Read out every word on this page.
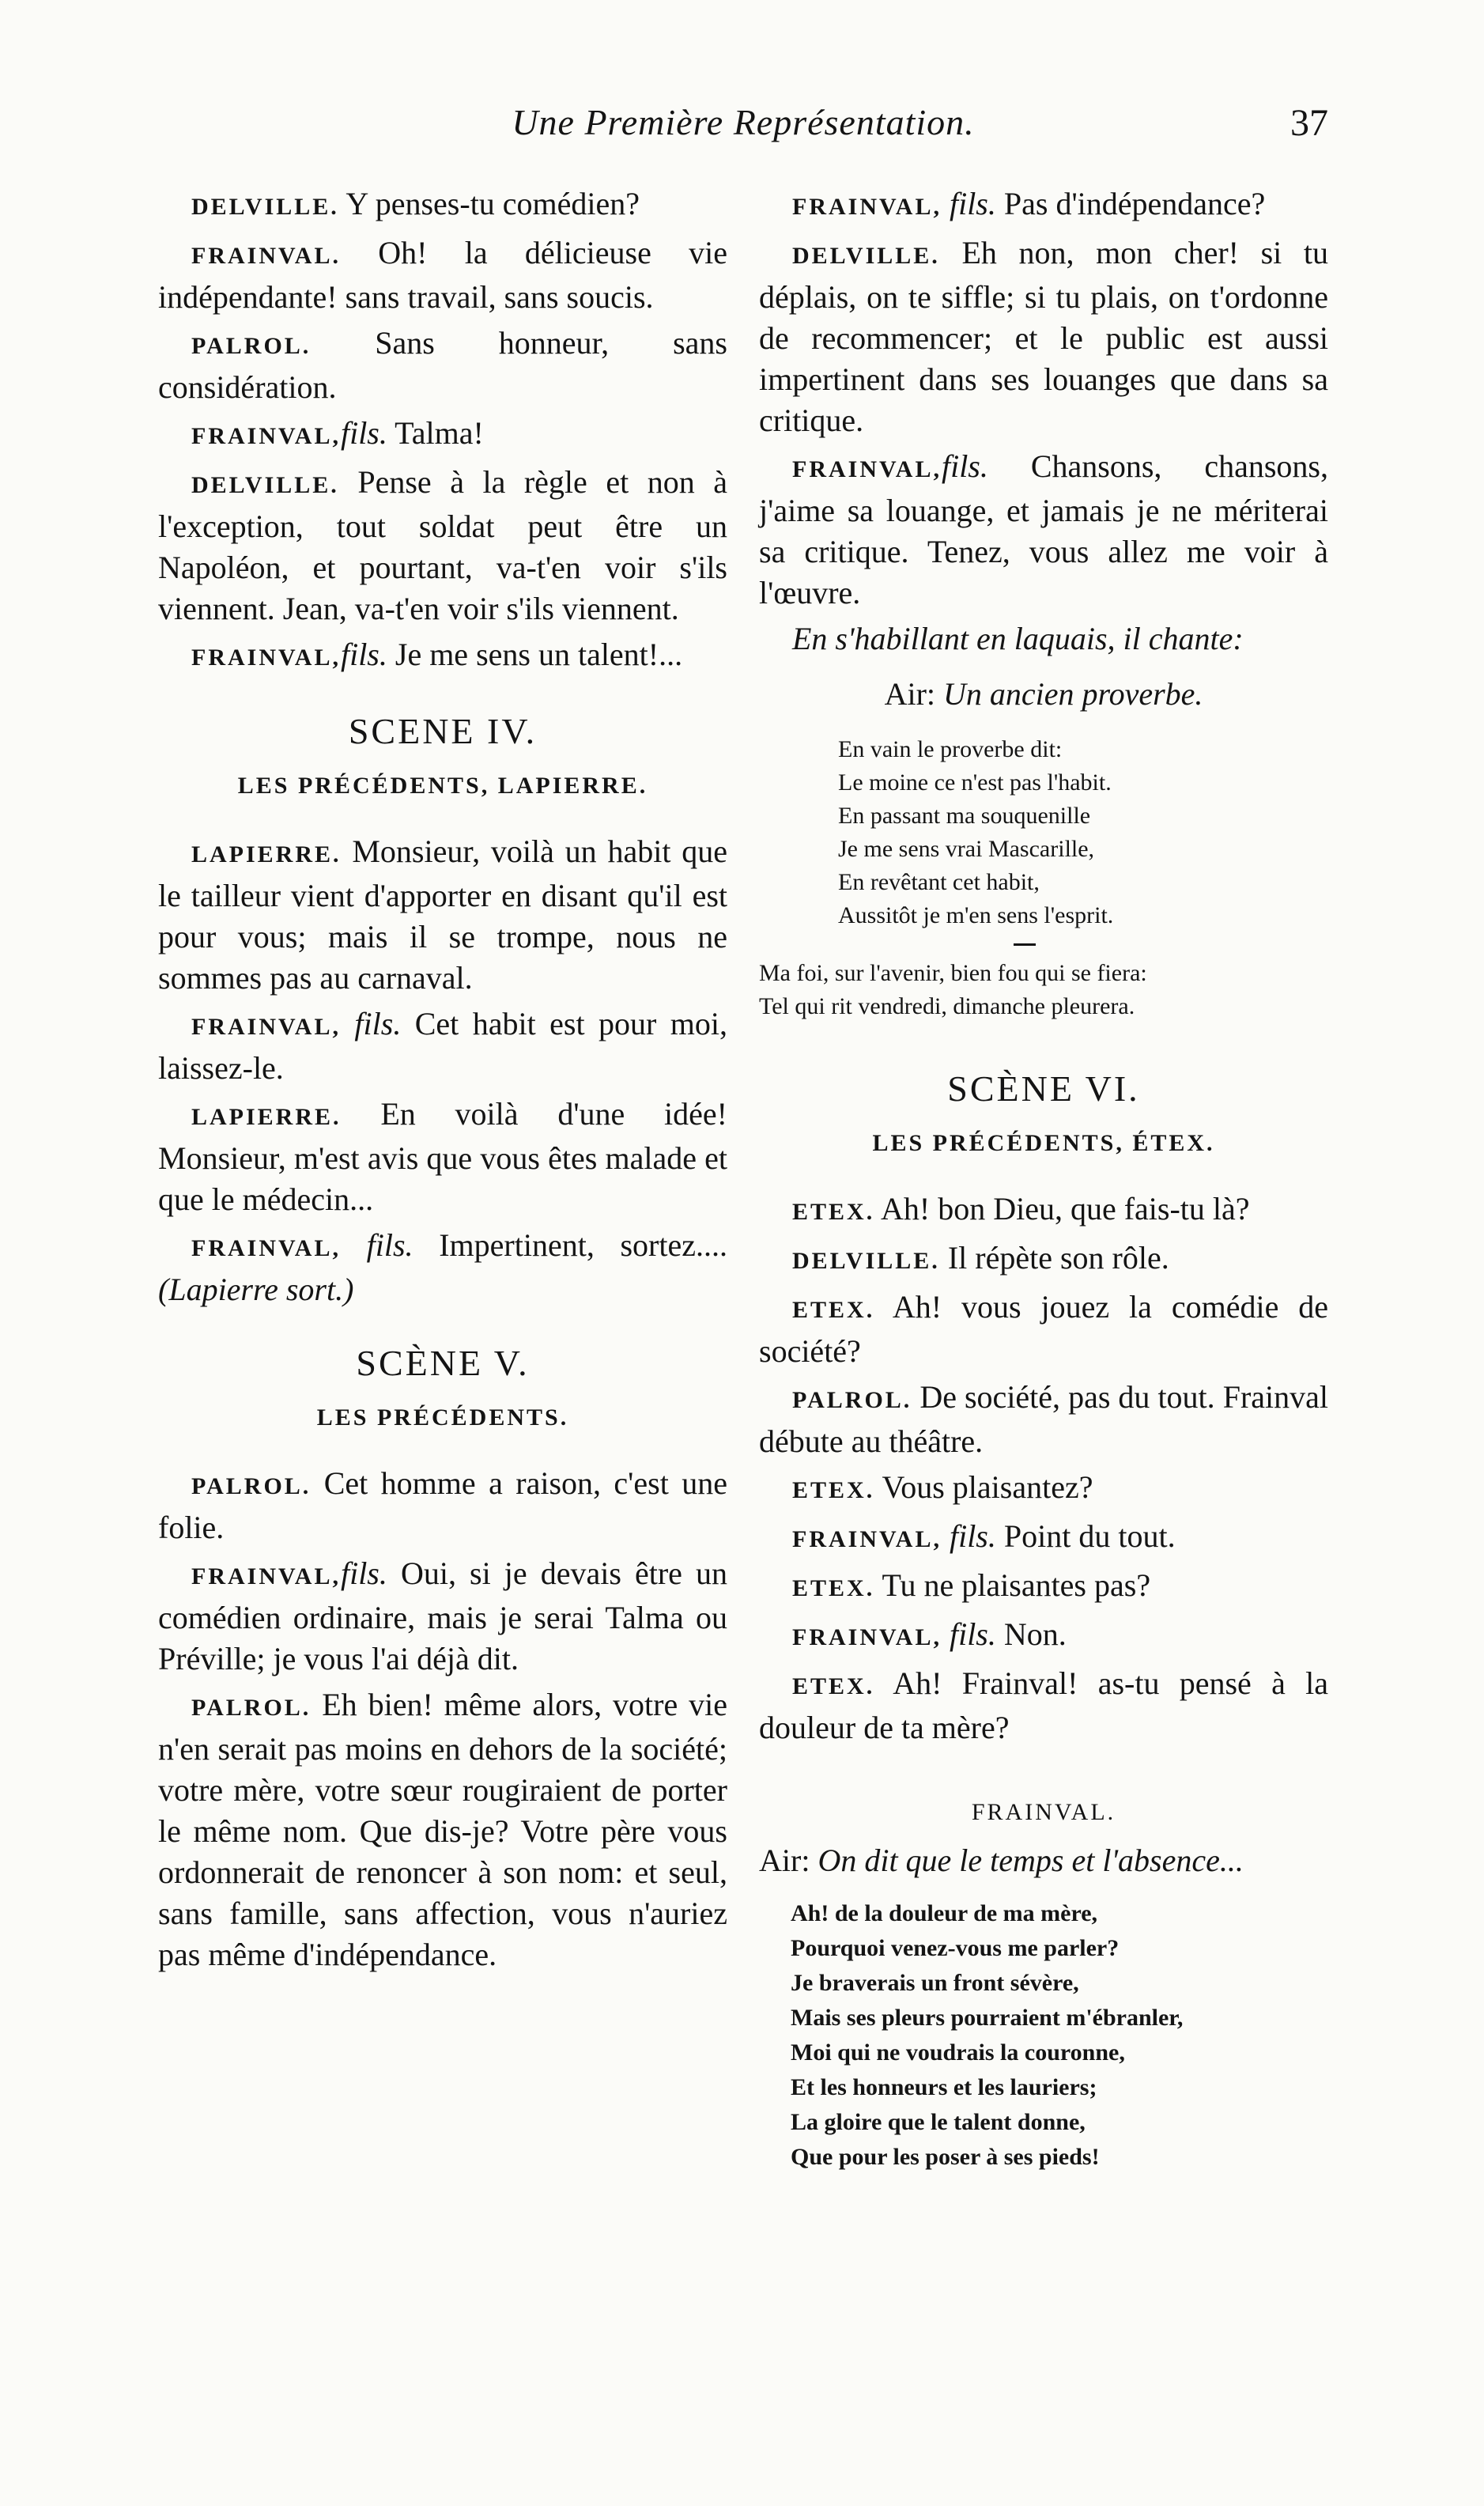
Une Première Représentation.	37

DELVILLE. Y penses-tu comédien?

FRAINVAL. Oh! la délicieuse vie indépendante! sans travail, sans soucis.

PALROL. Sans honneur, sans considération.

FRAINVAL,fils. Talma!

DELVILLE. Pense à la règle et non à l'exception, tout soldat peut être un Napoléon, et pourtant, va-t'en voir s'ils viennent. Jean, va-t'en voir s'ils viennent.

FRAINVAL,fils. Je me sens un talent!...

SCENE IV.
LES PRÉCÉDENTS, LAPIERRE.

LAPIERRE. Monsieur, voilà un habit que le tailleur vient d'apporter en disant qu'il est pour vous; mais il se trompe, nous ne sommes pas au carnaval.

FRAINVAL, fils. Cet habit est pour moi, laissez-le.

LAPIERRE. En voilà d'une idée! Monsieur, m'est avis que vous êtes malade et que le médecin...

FRAINVAL, fils. Impertinent, sortez.... (Lapierre sort.)

SCÈNE V.
LES PRÉCÉDENTS.

PALROL. Cet homme a raison, c'est une folie.

FRAINVAL,fils. Oui, si je devais être un comédien ordinaire, mais je serai Talma ou Préville; je vous l'ai déjà dit.

PALROL. Eh bien! même alors, votre vie n'en serait pas moins en dehors de la société; votre mère, votre sœur rougiraient de porter le même nom. Que dis-je? Votre père vous ordonnerait de renoncer à son nom: et seul, sans famille, sans affection, vous n'auriez pas même d'indépendance.

FRAINVAL, fils. Pas d'indépendance?

DELVILLE. Eh non, mon cher! si tu déplais, on te siffle; si tu plais, on t'ordonne de recommencer; et le public est aussi impertinent dans ses louanges que dans sa critique.

FRAINVAL,fils. Chansons, chansons, j'aime sa louange, et jamais je ne mériterai sa critique. Tenez, vous allez me voir à l'œuvre.

En s'habillant en laquais, il chante:

Air: Un ancien proverbe.
En vain le proverbe dit:
Le moine ce n'est pas l'habit.
En passant ma souquenille
Je me sens vrai Mascarille,
En revêtant cet habit,
Aussitôt je m'en sens l'esprit.
Ma foi, sur l'avenir, bien fou qui se fiera:
Tel qui rit vendredi, dimanche pleurera.
SCÈNE VI.
LES PRÉCÉDENTS, ÉTEX.

ETEX. Ah! bon Dieu, que fais-tu là?

DELVILLE. Il répète son rôle.

ETEX. Ah! vous jouez la comédie de société?

PALROL. De société, pas du tout. Frainval débute au théâtre.

ETEX. Vous plaisantez?

FRAINVAL, fils. Point du tout.

ETEX. Tu ne plaisantes pas?

FRAINVAL, fils. Non.

ETEX. Ah! Frainval! as-tu pensé à la douleur de ta mère?

FRAINVAL.
Air: On dit que le temps et l'absence...
Ah! de la douleur de ma mère,
Pourquoi venez-vous me parler?
Je braverais un front sévère,
Mais ses pleurs pourraient m'ébranler,
Moi qui ne voudrais la couronne,
Et les honneurs et les lauriers;
La gloire que le talent donne,
Que pour les poser à ses pieds!
